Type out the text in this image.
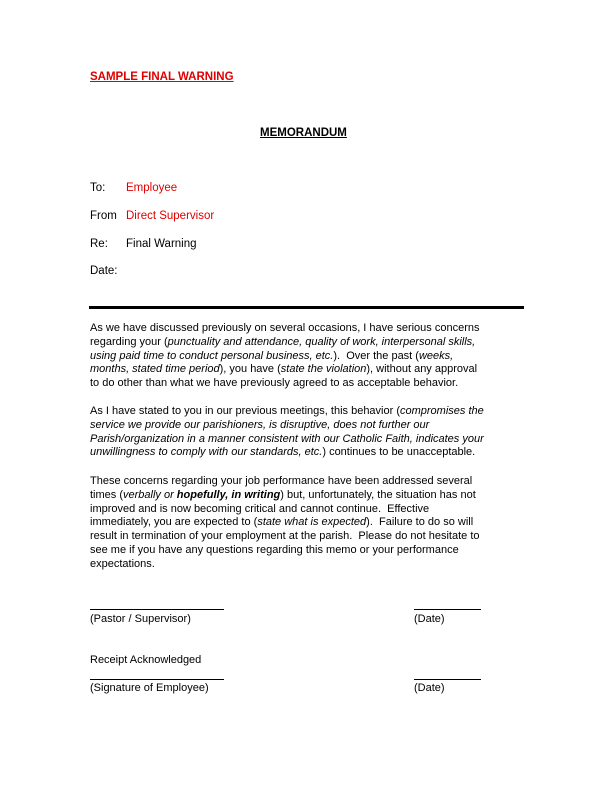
SAMPLE FINAL WARNING
MEMORANDUM
To: Employee
From Direct Supervisor
Re: Final Warning
Date:
As we have discussed previously on several occasions, I have serious concerns
regarding your (punctuality and attendance, quality of work, interpersonal skills,
using paid time to conduct personal business, etc.).  Over the past (weeks,
months, stated time period), you have (state the violation), without any approval
to do other than what we have previously agreed to as acceptable behavior.
As I have stated to you in our previous meetings, this behavior (compromises the
service we provide our parishioners, is disruptive, does not further our
Parish/organization in a manner consistent with our Catholic Faith, indicates your
unwillingness to comply with our standards, etc.) continues to be unacceptable.
These concerns regarding your job performance have been addressed several
times (verbally or hopefully, in writing) but, unfortunately, the situation has not
improved and is now becoming critical and cannot continue.  Effective
immediately, you are expected to (state what is expected).  Failure to do so will
result in termination of your employment at the parish.  Please do not hesitate to
see me if you have any questions regarding this memo or your performance
expectations.
(Pastor / Supervisor)	(Date)
Receipt Acknowledged
(Signature of Employee)	(Date)
